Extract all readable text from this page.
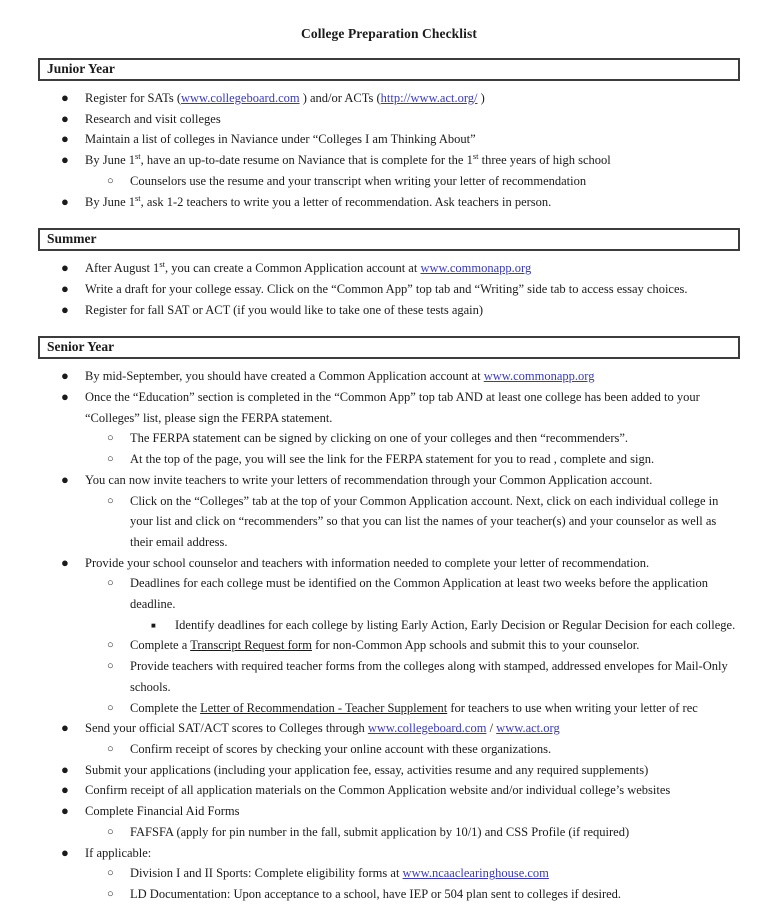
College Preparation Checklist
Junior Year
●	Register for SATs (www.collegeboard.com ) and/or ACTs (http://www.act.org/ )
●	Research and visit colleges
●	Maintain a list of colleges in Naviance under “Colleges I am Thinking About”
●	By June 1st, have an up-to-date resume on Naviance that is complete for the 1st three years of high school
○	Counselors use the resume and your transcript when writing your letter of recommendation
●	By June 1st, ask 1-2 teachers to write you a letter of recommendation. Ask teachers in person.
Summer
●	After August 1st, you can create a Common Application account at www.commonapp.org
●	Write a draft for your college essay. Click on the “Common App” top tab and “Writing” side tab to access essay choices.
●	Register for fall SAT or ACT (if you would like to take one of these tests again)
Senior Year
●	By mid-September, you should have created a Common Application account at www.commonapp.org
●	Once the “Education” section is completed in the “Common App” top tab AND at least one college has been added to your “Colleges” list, please sign the FERPA statement.
○	The FERPA statement can be signed by clicking on one of your colleges and then “recommenders”.
○	At the top of the page, you will see the link for the FERPA statement for you to read , complete and sign.
●	You can now invite teachers to write your letters of recommendation through your Common Application account.
○	Click on the “Colleges” tab at the top of your Common Application account. Next, click on each individual college in your list and click on “recommenders” so that you can list the names of your teacher(s) and your counselor as well as their email address.
●	Provide your school counselor and teachers with information needed to complete your letter of recommendation.
○	Deadlines for each college must be identified on the Common Application at least two weeks before the application deadline.
■	Identify deadlines for each college by listing Early Action, Early Decision or Regular Decision for each college.
○	Complete a Transcript Request form for non-Common App schools and submit this to your counselor.
○	Provide teachers with required teacher forms from the colleges along with stamped, addressed envelopes for Mail-Only schools.
○	Complete the Letter of Recommendation - Teacher Supplement for teachers to use when writing your letter of rec
●	Send your official SAT/ACT scores to Colleges through www.collegeboard.com / www.act.org
○	Confirm receipt of scores by checking your online account with these organizations.
●	Submit your applications (including your application fee, essay, activities resume and any required supplements)
●	Confirm receipt of all application materials on the Common Application website and/or individual college’s websites
●	Complete Financial Aid Forms
○	FAFSFA (apply for pin number in the fall, submit application by 10/1) and CSS Profile (if required)
●	If applicable:
○	Division I and II Sports: Complete eligibility forms at www.ncaaclearinghouse.com
○	LD Documentation: Upon acceptance to a school, have IEP or 504 plan sent to colleges if desired.
